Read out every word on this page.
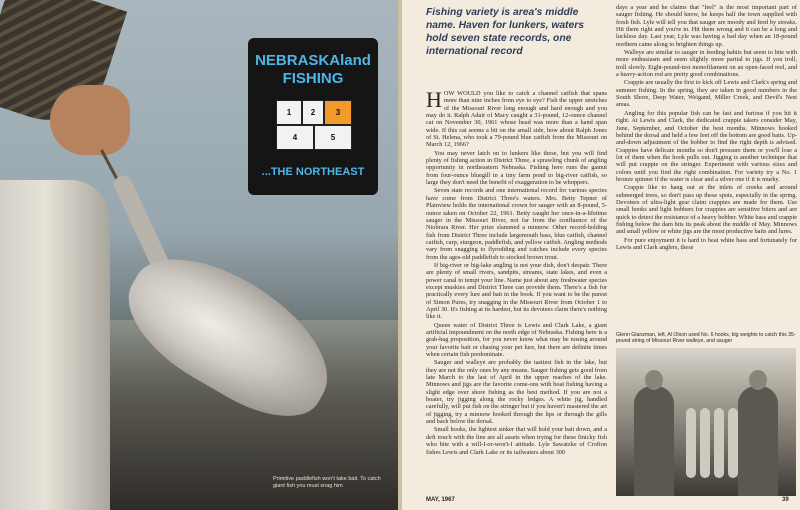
NEBRASKAland
FISHING
1	2	3
4	5
...THE NORTHEAST
Primitive paddlefish won't take bait. To catch giant fish you must snag him
Fishing variety is area's middle name. Haven for lunkers, waters hold seven state records, one international record

HOW WOULD you like to catch a channel catfish that spans more than nine inches from eye to eye? Fish the upper stretches of the Missouri River long enough and hard enough and you may do it. Ralph Adair of Macy caught a 31-pound, 12-ounce channel cat on November 30, 1961 whose head was more than a hand span wide. If this cat seems a bit on the small side, how about Ralph Jones of St. Helena, who took a 79-pound blue catfish from the Missouri on March 12, 1966?

You may never latch on to lunkers like these, but you will find plenty of fishing action in District Three, a sprawling chunk of angling opportunity in northeastern Nebraska. Fishing here runs the gamut from four-ounce bluegill in a tiny farm pond to big-river catfish, so large they don't need the benefit of exaggeration to be whoppers.

Seven state records and one international record for various species have come from District Three's waters. Mrs. Betty Tepner of Plainview holds the international crown for sauger with an 8-pound, 5-ounce taken on October 22, 1961. Betty caught her once-in-a-lifetime sauger in the Missouri River, not far from the confluence of the Niobrara River. Her prize slammed a minnow. Other record-holding fish from District Three include largemouth bass, blue catfish, channel catfish, carp, sturgeon, paddlefish, and yellow catfish. Angling methods vary from snagging to flyrodding and catches include every species from the ages-old paddlefish to stocked brown trout.

If big-river or big-lake angling is not your dish, don't despair. There are plenty of small rivers, sandpits, streams, state lakes, and even a power canal to tempt your line. Name just about any freshwater species except muskies and District Three can provide them. There's a fish for practically every lure and bait in the book. If you want to be the purest of Simon Pures, try snagging in the Missouri River from October 1 to April 30. It's fishing at its hardest, but its devotees claim there's nothing like it.

Queen water of District Three is Lewis and Clark Lake, a giant artificial impoundment on the north edge of Nebraska. Fishing here is a grab-bag proposition, for you never know what may be nosing around your favorite bait or chasing your pet lure, but there are definite times when certain fish predominate.

Sauger and walleye are probably the tastiest fish in the lake, but they are not the only ones by any means. Sauger fishing gets good from late March to the last of April in the upper reaches of the lake. Minnows and jigs are the favorite come-ons with boat fishing having a slight edge over shore fishing as the best method. If you are not a boater, try jigging along the rocky ledges. A white jig, handled carefully, will put fish on the stringer but if you haven't mastered the art of jigging, try a minnow hooked through the lips or through the gills and back below the dorsal.

Small hooks, the lightest sinker that will hold your bait down, and a deft touch with the line are all assets when trying for these finicky fish who bite with a will-I-or-won't-I attitude. Lyle Sawatzke of Crofton fishes Lewis and Clark Lake or its tailwaters about 300

days a year and he claims that "feel" is the most important part of sauger fishing. He should know, he keeps half the town supplied with fresh fish. Lyle will tell you that sauger are moody and feed by streaks. Hit them right and you're in. Hit them wrong and it can be a long and luckless day. Last year, Lyle was having a bad day when an 18-pound northern came along to brighten things up.

Walleye are similar to sauger in feeding habits but seem to bite with more enthusiasm and seem slightly more partial to jigs. If you troll, troll slowly. Eight-pound-test monofilament on an open-faced reel, and a heavy-action rod are pretty good combinations.

Crappie are usually the first to kick off Lewis and Clark's spring and summer fishing. In the spring, they are taken in good numbers in the South Shore, Deep Water, Weigand, Miller Creek, and Devil's Nest areas.

Angling for this popular fish can be fast and furious if you hit it right. At Lewis and Clark, the dedicated crappie takers consider May, June, September, and October the best months. Minnows hooked behind the dorsal and held a few feet off the bottom are good baits. Up-and-down adjustment of the bobber to find the right depth is advised. Crappies have delicate mouths so don't pressure them or you'll lose a lot of them when the hook pulls out. Jigging is another technique that will put crappie on the stringer. Experiment with various sizes and colors until you find the right combination. For variety try a No. 1 bronze spinner if the water is clear and a silver one if it is murky.

Crappie like to hang out at the inlets of creeks and around submerged trees, so don't pass up these spots, especially in the spring. Devotees of ultra-light gear claim crappies are made for them. Use small hooks and light bobbers for crappies are sensitive biters and are quick to detect the resistance of a heavy bobber. White bass and crappie fishing below the dam hits its peak about the middle of May. Minnows and small yellow or white jigs are the most productive baits and lures.

For pure enjoyment it is hard to beat white bass and fortunately for Lewis and Clark anglers, these

Glenn Glanzman, left, Al Olson used No. 6 hooks, big weights to catch this 35-pound string of Missouri River walleye, and sauger
MAY, 1967	39
